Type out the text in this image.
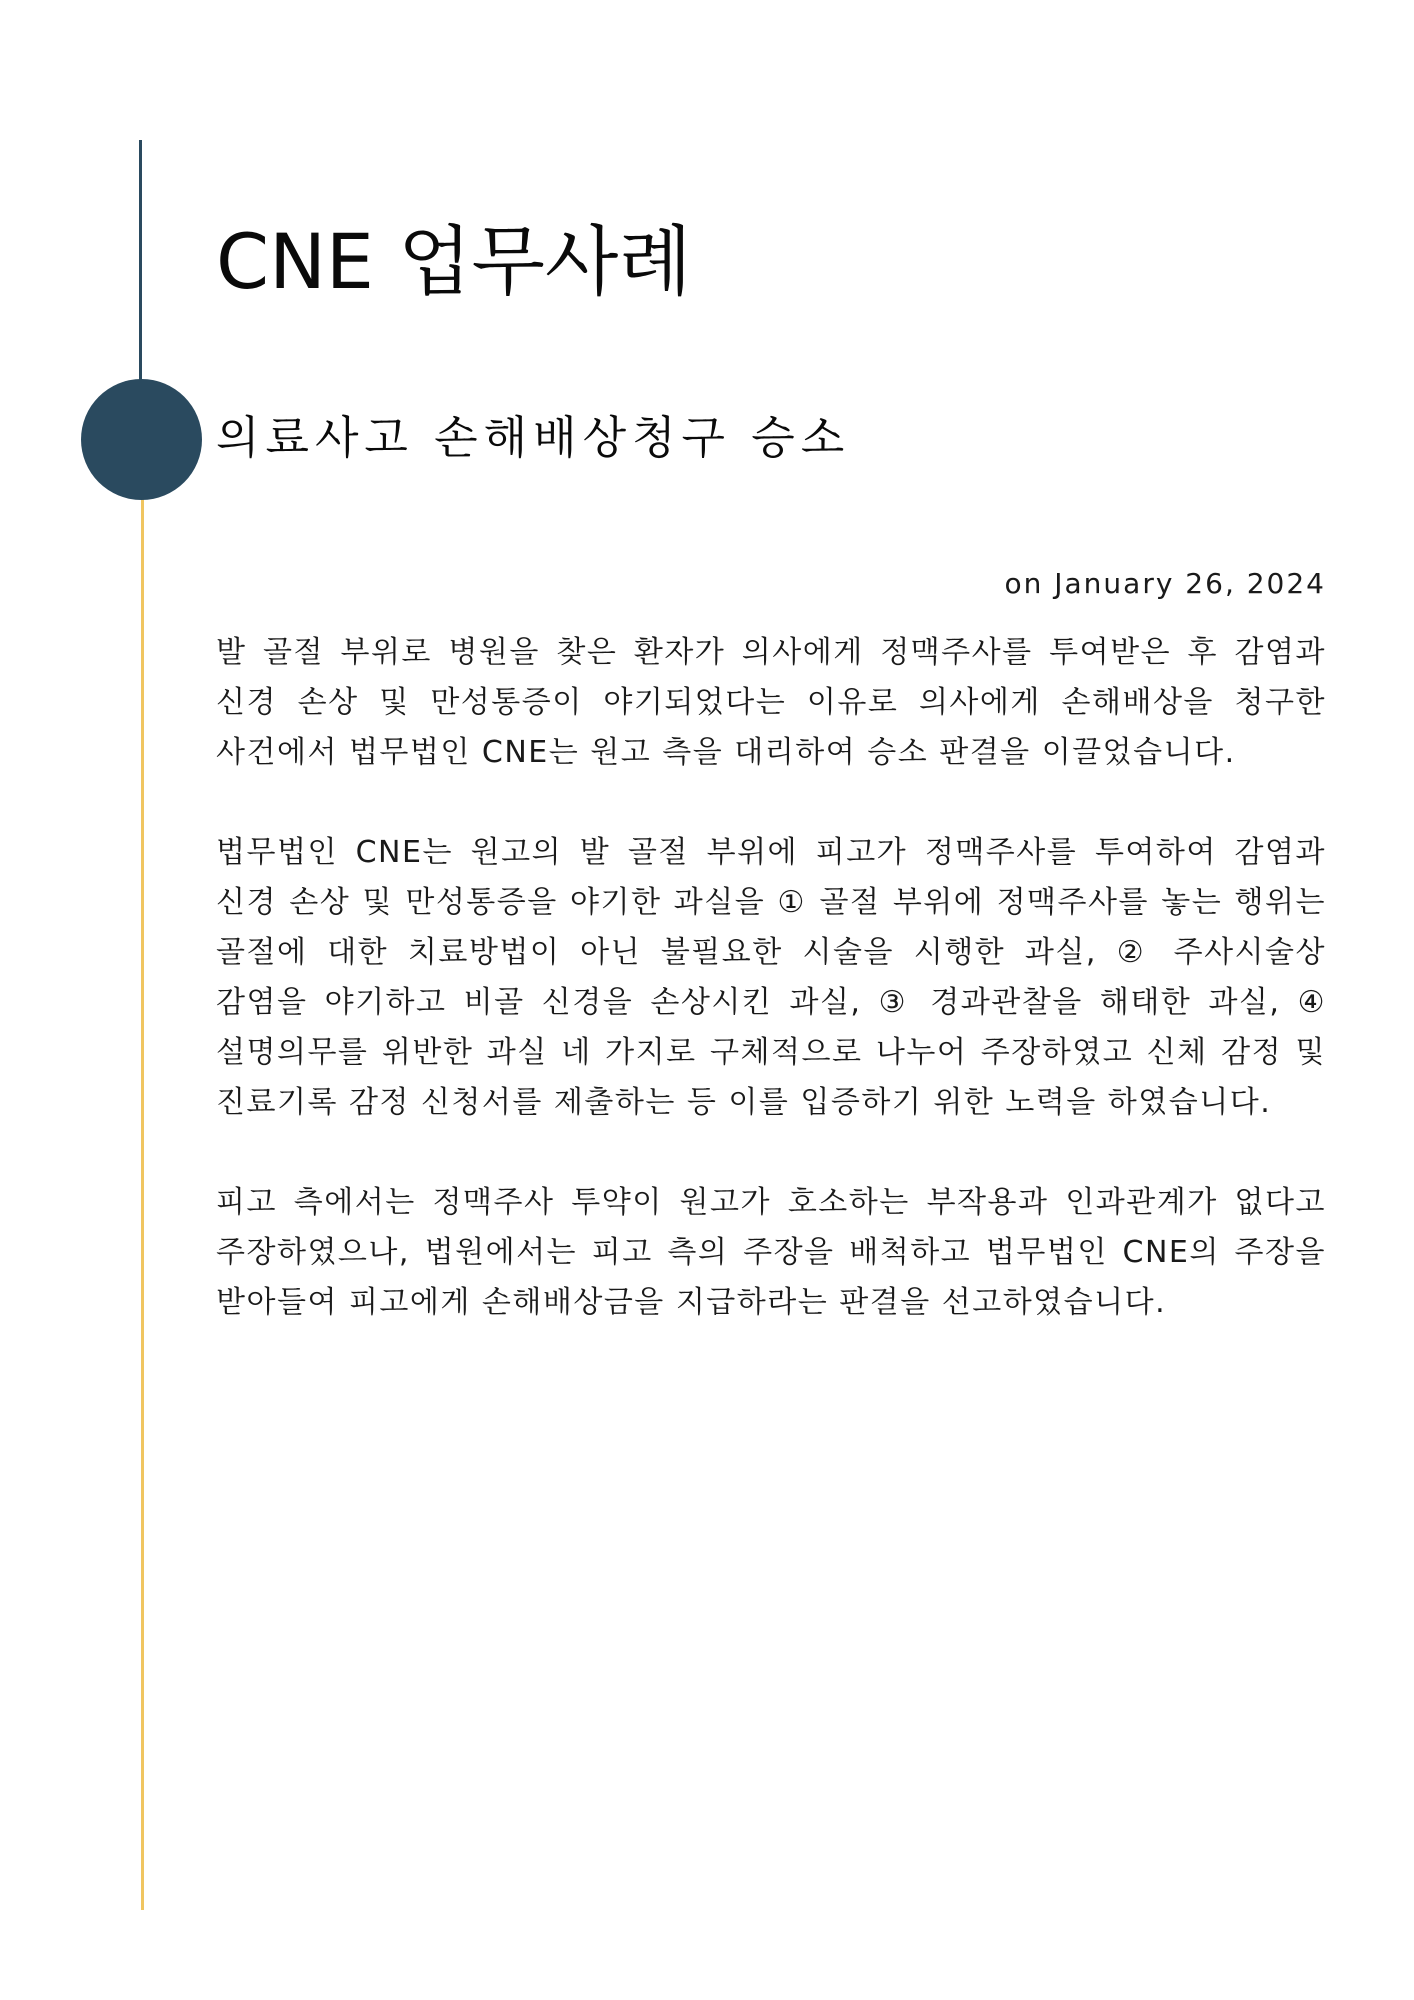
CNE 업무사례
의료사고 손해배상청구 승소
on January 26, 2024

발 골절 부위로 병원을 찾은 환자가 의사에게 정맥주사를 투여받은 후 감염과 신경 손상 및 만성통증이 야기되었다는 이유로 의사에게 손해배상을 청구한 사건에서 법무법인 CNE는 원고 측을 대리하여 승소 판결을 이끌었습니다.

법무법인 CNE는 원고의 발 골절 부위에 피고가 정맥주사를 투여하여 감염과 신경 손상 및 만성통증을 야기한 과실을 ① 골절 부위에 정맥주사를 놓는 행위는 골절에 대한 치료방법이 아닌 불필요한 시술을 시행한 과실, ② 주사시술상 감염을 야기하고 비골 신경을 손상시킨 과실, ③ 경과관찰을 해태한 과실, ④ 설명의무를 위반한 과실 네 가지로 구체적으로 나누어 주장하였고 신체 감정 및 진료기록 감정 신청서를 제출하는 등 이를 입증하기 위한 노력을 하였습니다.

피고 측에서는 정맥주사 투약이 원고가 호소하는 부작용과 인과관계가 없다고 주장하였으나, 법원에서는 피고 측의 주장을 배척하고 법무법인 CNE의 주장을 받아들여 피고에게 손해배상금을 지급하라는 판결을 선고하였습니다.
